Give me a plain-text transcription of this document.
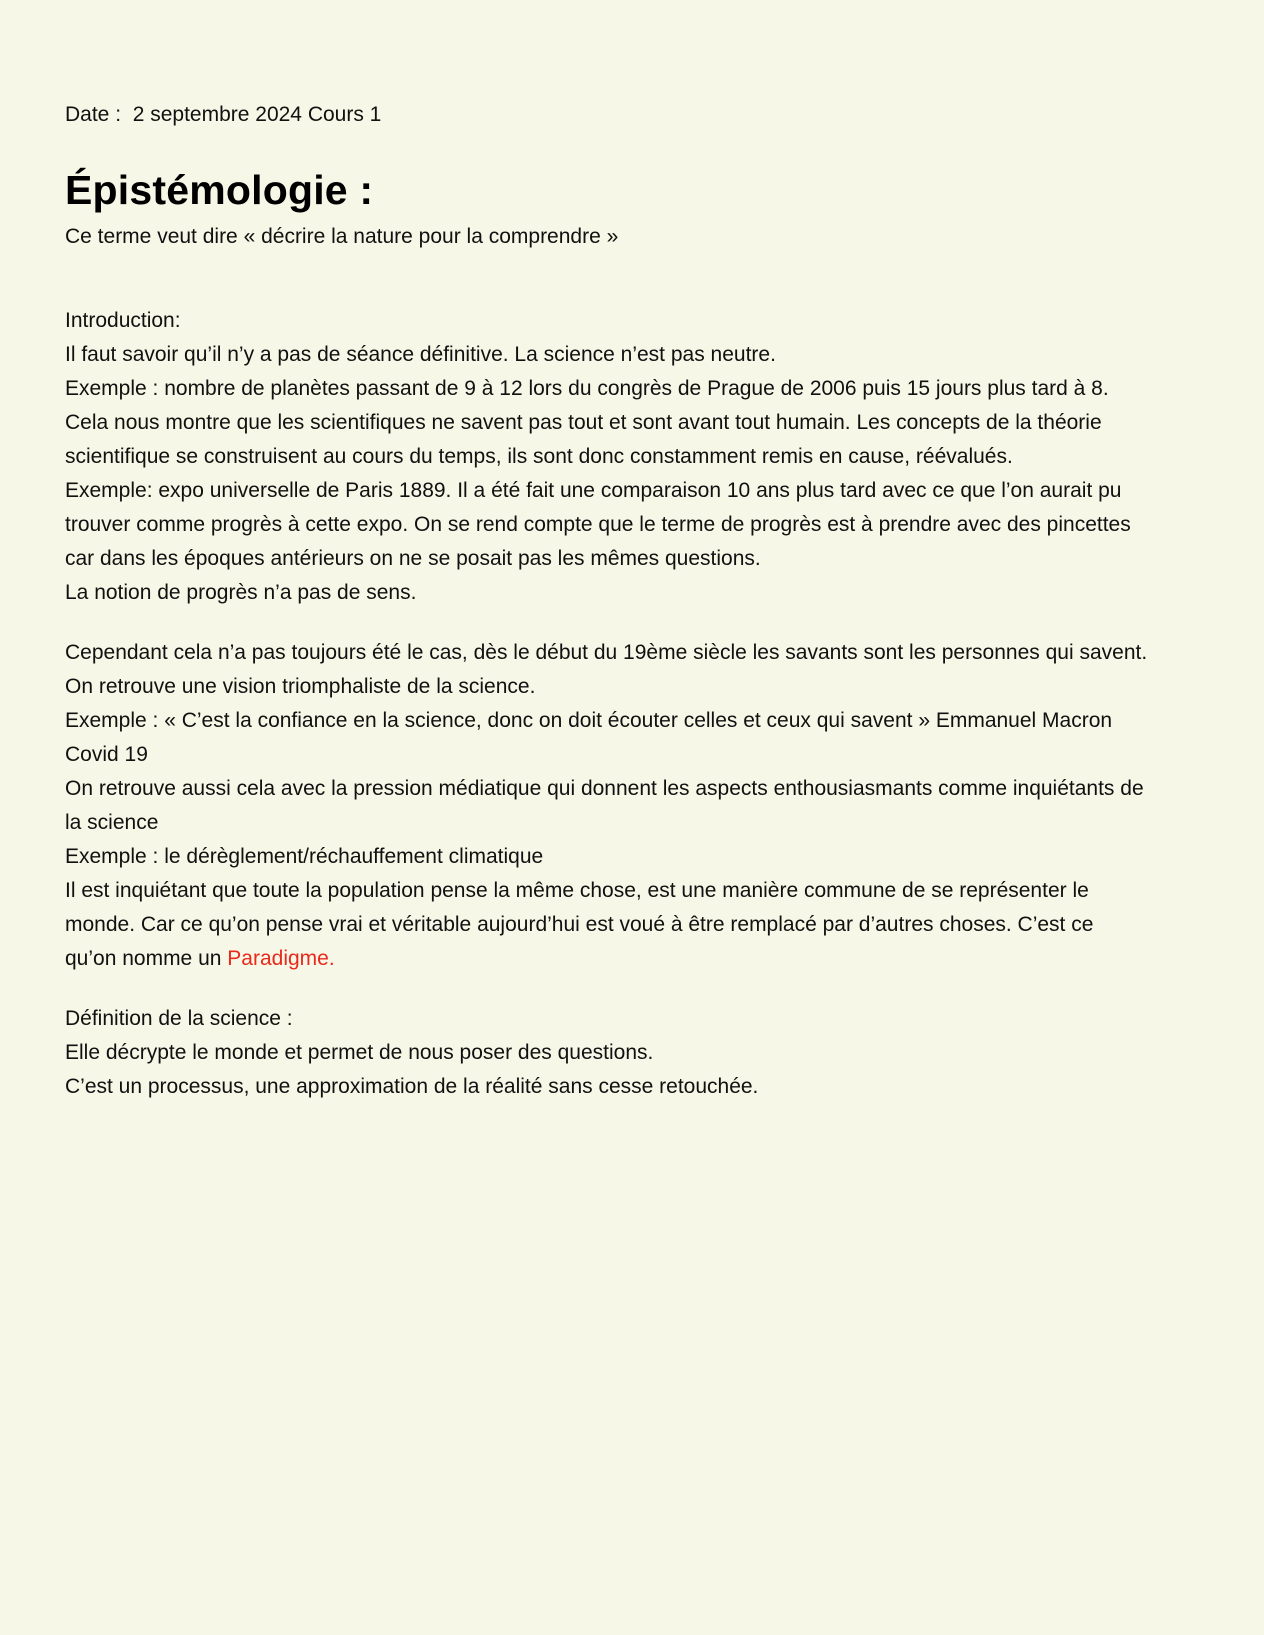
Date :  2 septembre 2024 Cours 1
Épistémologie :
Ce terme veut dire « décrire la nature pour la comprendre »

Introduction:

Il faut savoir qu’il n’y a pas de séance définitive. La science n’est pas neutre.

Exemple : nombre de planètes passant de 9 à 12 lors du congrès de Prague de 2006 puis 15 jours plus tard à 8.

Cela nous montre que les scientifiques ne savent pas tout et sont avant tout humain. Les concepts de la théorie scientifique se construisent au cours du temps, ils sont donc constamment remis en cause, réévalués.

Exemple: expo universelle de Paris 1889. Il a été fait une comparaison 10 ans plus tard avec ce que l’on aurait pu trouver comme progrès à cette expo. On se rend compte que le terme de progrès est à prendre avec des pincettes car dans les époques antérieurs on ne se posait pas les mêmes questions.

La notion de progrès n’a pas de sens.

Cependant cela n’a pas toujours été le cas, dès le début du 19ème siècle les savants sont les personnes qui savent. On retrouve une vision triomphaliste de la science.

Exemple : « C’est la confiance en la science, donc on doit écouter celles et ceux qui savent » Emmanuel Macron Covid 19

On retrouve aussi cela avec la pression médiatique qui donnent les aspects enthousiasmants comme inquiétants de la science

Exemple : le dérèglement/réchauffement climatique

Il est inquiétant que toute la population pense la même chose, est une manière commune de se représenter le monde. Car ce qu’on pense vrai et véritable aujourd’hui est voué à être remplacé par d’autres choses. C’est ce qu’on nomme un Paradigme.

Définition de la science :

Elle décrypte le monde et permet de nous poser des questions.

C’est un processus, une approximation de la réalité sans cesse retouchée.
